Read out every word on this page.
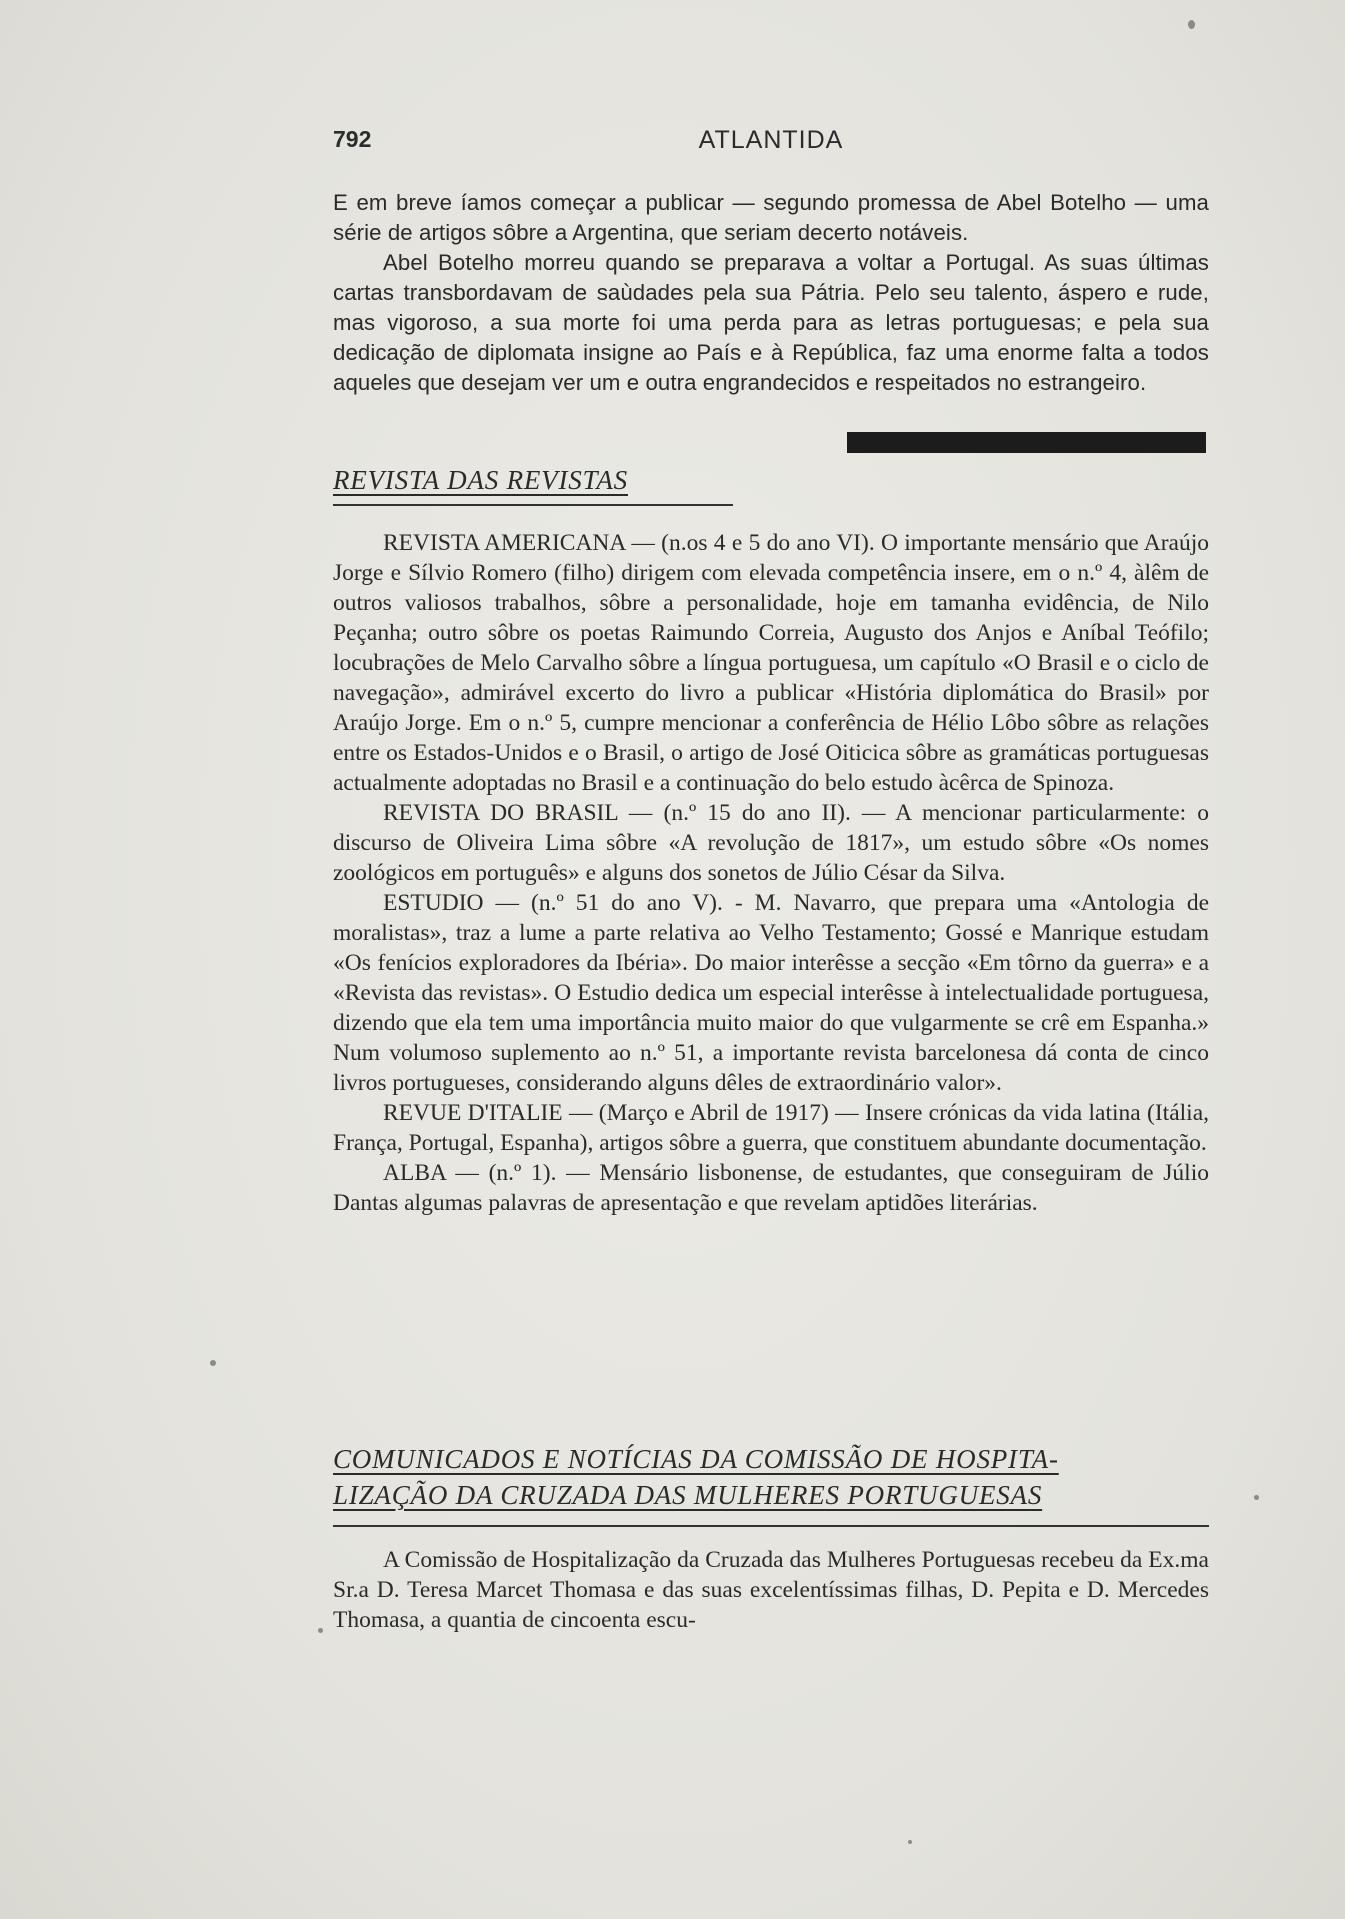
792	ATLANTIDA

E em breve íamos começar a publicar — segundo promessa de Abel Botelho — uma série de artigos sôbre a Argentina, que seriam decerto notáveis.

Abel Botelho morreu quando se preparava a voltar a Portugal. As suas últimas cartas transbordavam de saùdades pela sua Pátria. Pelo seu talento, áspero e rude, mas vigoroso, a sua morte foi uma perda para as letras portuguesas; e pela sua dedicação de diplomata insigne ao País e à República, faz uma enorme falta a todos aqueles que desejam ver um e outra engrandecidos e respeitados no estrangeiro.

REVISTA DAS REVISTAS

REVISTA AMERICANA — (n.os 4 e 5 do ano VI). O importante mensário que Araújo Jorge e Sílvio Romero (filho) dirigem com elevada competência insere, em o n.º 4, àlêm de outros valiosos trabalhos, sôbre a personalidade, hoje em tamanha evidência, de Nilo Peçanha; outro sôbre os poetas Raimundo Correia, Augusto dos Anjos e Aníbal Teófilo; locubrações de Melo Carvalho sôbre a língua portuguesa, um capítulo «O Brasil e o ciclo de navegação», admirável excerto do livro a publicar «História diplomática do Brasil» por Araújo Jorge. Em o n.º 5, cumpre mencionar a conferência de Hélio Lôbo sôbre as relações entre os Estados-Unidos e o Brasil, o artigo de José Oiticica sôbre as gramáticas portuguesas actualmente adoptadas no Brasil e a continuação do belo estudo àcêrca de Spinoza.

REVISTA DO BRASIL — (n.º 15 do ano II). — A mencionar particularmente: o discurso de Oliveira Lima sôbre «A revolução de 1817», um estudo sôbre «Os nomes zoológicos em português» e alguns dos sonetos de Júlio César da Silva.

ESTUDIO — (n.º 51 do ano V). - M. Navarro, que prepara uma «Antologia de moralistas», traz a lume a parte relativa ao Velho Testamento; Gossé e Manrique estudam «Os fenícios exploradores da Ibéria». Do maior interêsse a secção «Em tôrno da guerra» e a «Revista das revistas». O Estudio dedica um especial interêsse à intelectualidade portuguesa, dizendo que ela tem uma importância muito maior do que vulgarmente se crê em Espanha.» Num volumoso suplemento ao n.º 51, a importante revista barcelonesa dá conta de cinco livros portugueses, considerando alguns dêles de extraordinário valor».

REVUE D'ITALIE — (Março e Abril de 1917) — Insere crónicas da vida latina (Itália, França, Portugal, Espanha), artigos sôbre a guerra, que constituem abundante documentação.

ALBA — (n.º 1). — Mensário lisbonense, de estudantes, que conseguiram de Júlio Dantas algumas palavras de apresentação e que revelam aptidões literárias.

COMUNICADOS E NOTÍCIAS DA COMISSÃO DE HOSPITA-
LIZAÇÃO DA CRUZADA DAS MULHERES PORTUGUESAS

A Comissão de Hospitalização da Cruzada das Mulheres Portuguesas recebeu da Ex.ma Sr.a D. Teresa Marcet Thomasa e das suas excelentíssimas filhas, D. Pepita e D. Mercedes Thomasa, a quantia de cincoenta escu-
